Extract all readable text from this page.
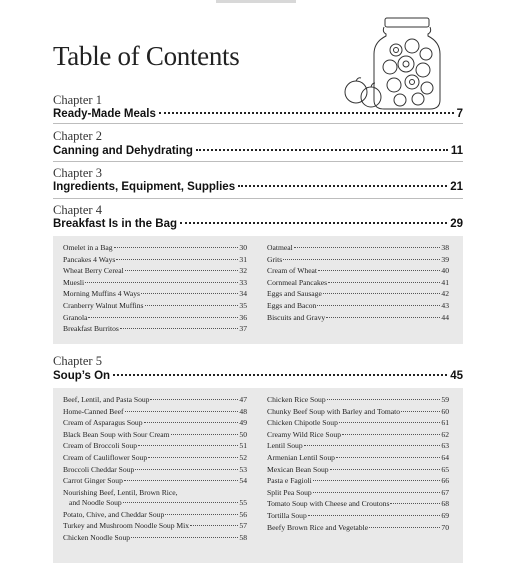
Table of Contents
Chapter 1
Ready-Made Meals	7
Chapter 2
Canning and Dehydrating	11
Chapter 3
Ingredients, Equipment, Supplies	21
Chapter 4
Breakfast Is in the Bag	29
Omelet in a Bag	30
Pancakes 4 Ways	31
Wheat Berry Cereal	32
Muesli	33
Morning Muffins 4 Ways	34
Cranberry Walnut Muffins	35
Granola	36
Breakfast Burritos	37
Oatmeal	38
Grits	39
Cream of Wheat	40
Cornmeal Pancakes	41
Eggs and Sausage	42
Eggs and Bacon	43
Biscuits and Gravy	44
Chapter 5
Soup’s On	45
Beef, Lentil, and Pasta Soup	47
Home-Canned Beef	48
Cream of Asparagus Soup	49
Black Bean Soup with Sour Cream	50
Cream of Broccoli Soup	51
Cream of Cauliflower Soup	52
Broccoli Cheddar Soup	53
Carrot Ginger Soup	54
Nourishing Beef, Lentil, Brown Rice,
and Noodle Soup	55
Potato, Chive, and Cheddar Soup	56
Turkey and Mushroom Noodle Soup Mix	57
Chicken Noodle Soup	58
Chicken Rice Soup	59
Chunky Beef Soup with Barley and Tomato	60
Chicken Chipotle Soup	61
Creamy Wild Rice Soup	62
Lentil Soup	63
Armenian Lentil Soup	64
Mexican Bean Soup	65
Pasta e Fagioli	66
Split Pea Soup	67
Tomato Soup with Cheese and Croutons	68
Tortilla Soup	69
Beefy Brown Rice and Vegetable	70
